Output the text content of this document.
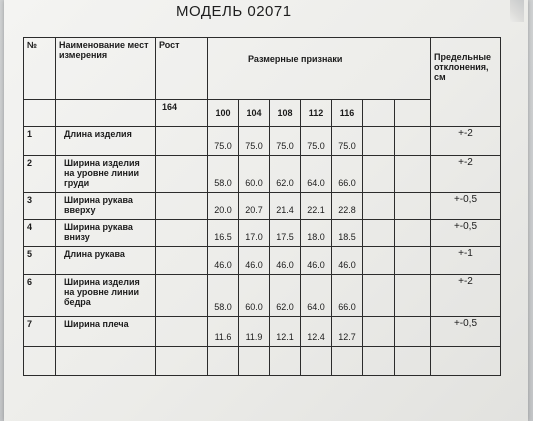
МОДЕЛЬ 02071
№	Наименование мест измерения	Рост	Размерные признаки							Предельные отклонения, см
		164	100	104	108	112	116			
1	Длина изделия		75.0	75.0	75.0	75.0	75.0			+-2
2	Ширина изделия на уровне линии груди		58.0	60.0	62.0	64.0	66.0			+-2
3	Ширина рукава вверху		20.0	20.7	21.4	22.1	22.8			+-0,5
4	Ширина рукава внизу		16.5	17.0	17.5	18.0	18.5			+-0,5
5	Длина рукава		46.0	46.0	46.0	46.0	46.0			+-1
6	Ширина изделия на уровне линии бедра		58.0	60.0	62.0	64.0	66.0			+-2
7	Ширина плеча		11.6	11.9	12.1	12.4	12.7			+-0,5
